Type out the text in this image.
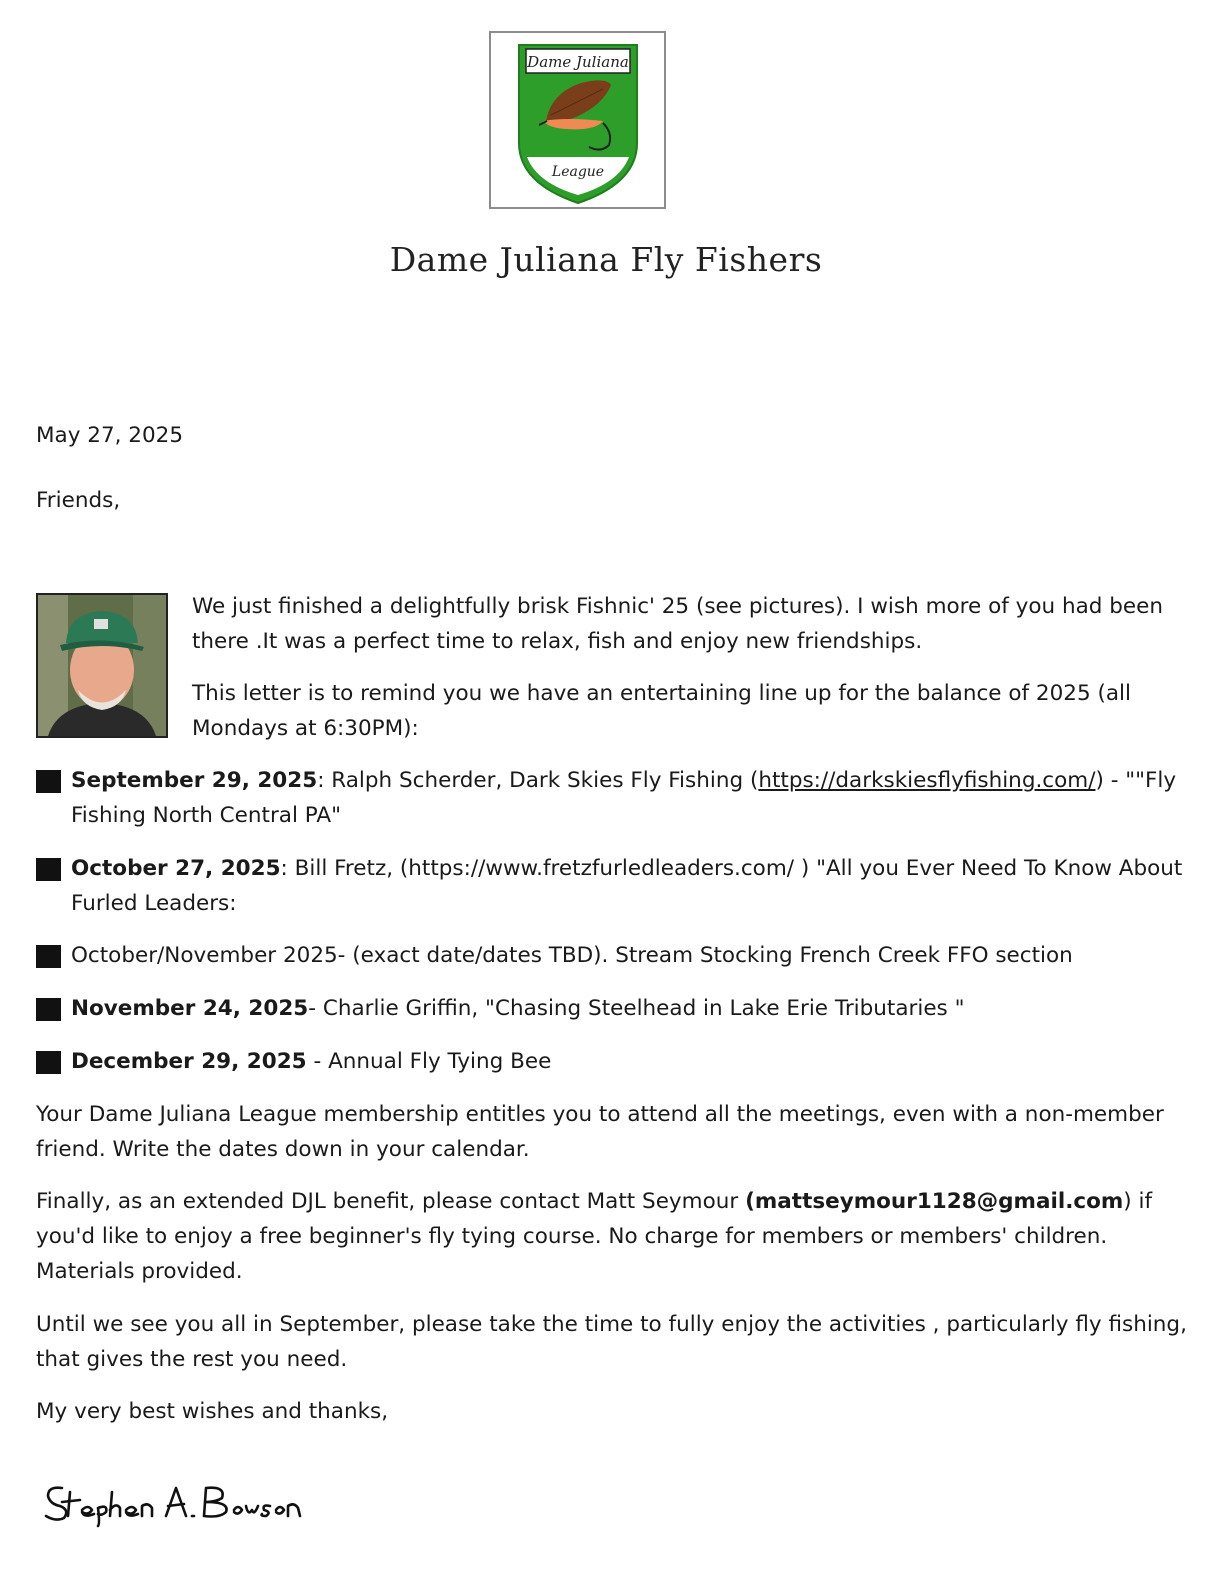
Dame Juliana
League
Dame Juliana Fly Fishers
May 27, 2025
Friends,
We just finished a delightfully brisk Fishnic' 25 (see pictures). I wish more of you had been there .It was a perfect time to relax, fish and enjoy new friendships.
This letter is to remind you we have an entertaining line up for the balance of 2025 (all Mondays at 6:30PM):
September 29, 2025: Ralph Scherder, Dark Skies Fly Fishing (https://darkskiesflyfishing.com/) - ""Fly Fishing North Central PA"
October 27, 2025: Bill Fretz, (https://www.fretzfurledleaders.com/ ) "All you Ever Need To Know About Furled Leaders:
October/November 2025- (exact date/dates TBD). Stream Stocking French Creek FFO section
November 24, 2025- Charlie Griffin, "Chasing Steelhead in Lake Erie Tributaries "
December 29, 2025 - Annual Fly Tying Bee
Your Dame Juliana League membership entitles you to attend all the meetings, even with a non-member friend. Write the dates down in your calendar.
Finally, as an extended DJL benefit, please contact Matt Seymour (mattseymour1128@gmail.com) if you'd like to enjoy a free beginner's fly tying course. No charge for members or members' children. Materials provided.
Until we see you all in September, please take the time to fully enjoy the activities , particularly fly fishing, that gives the rest you need.
My very best wishes and thanks,
